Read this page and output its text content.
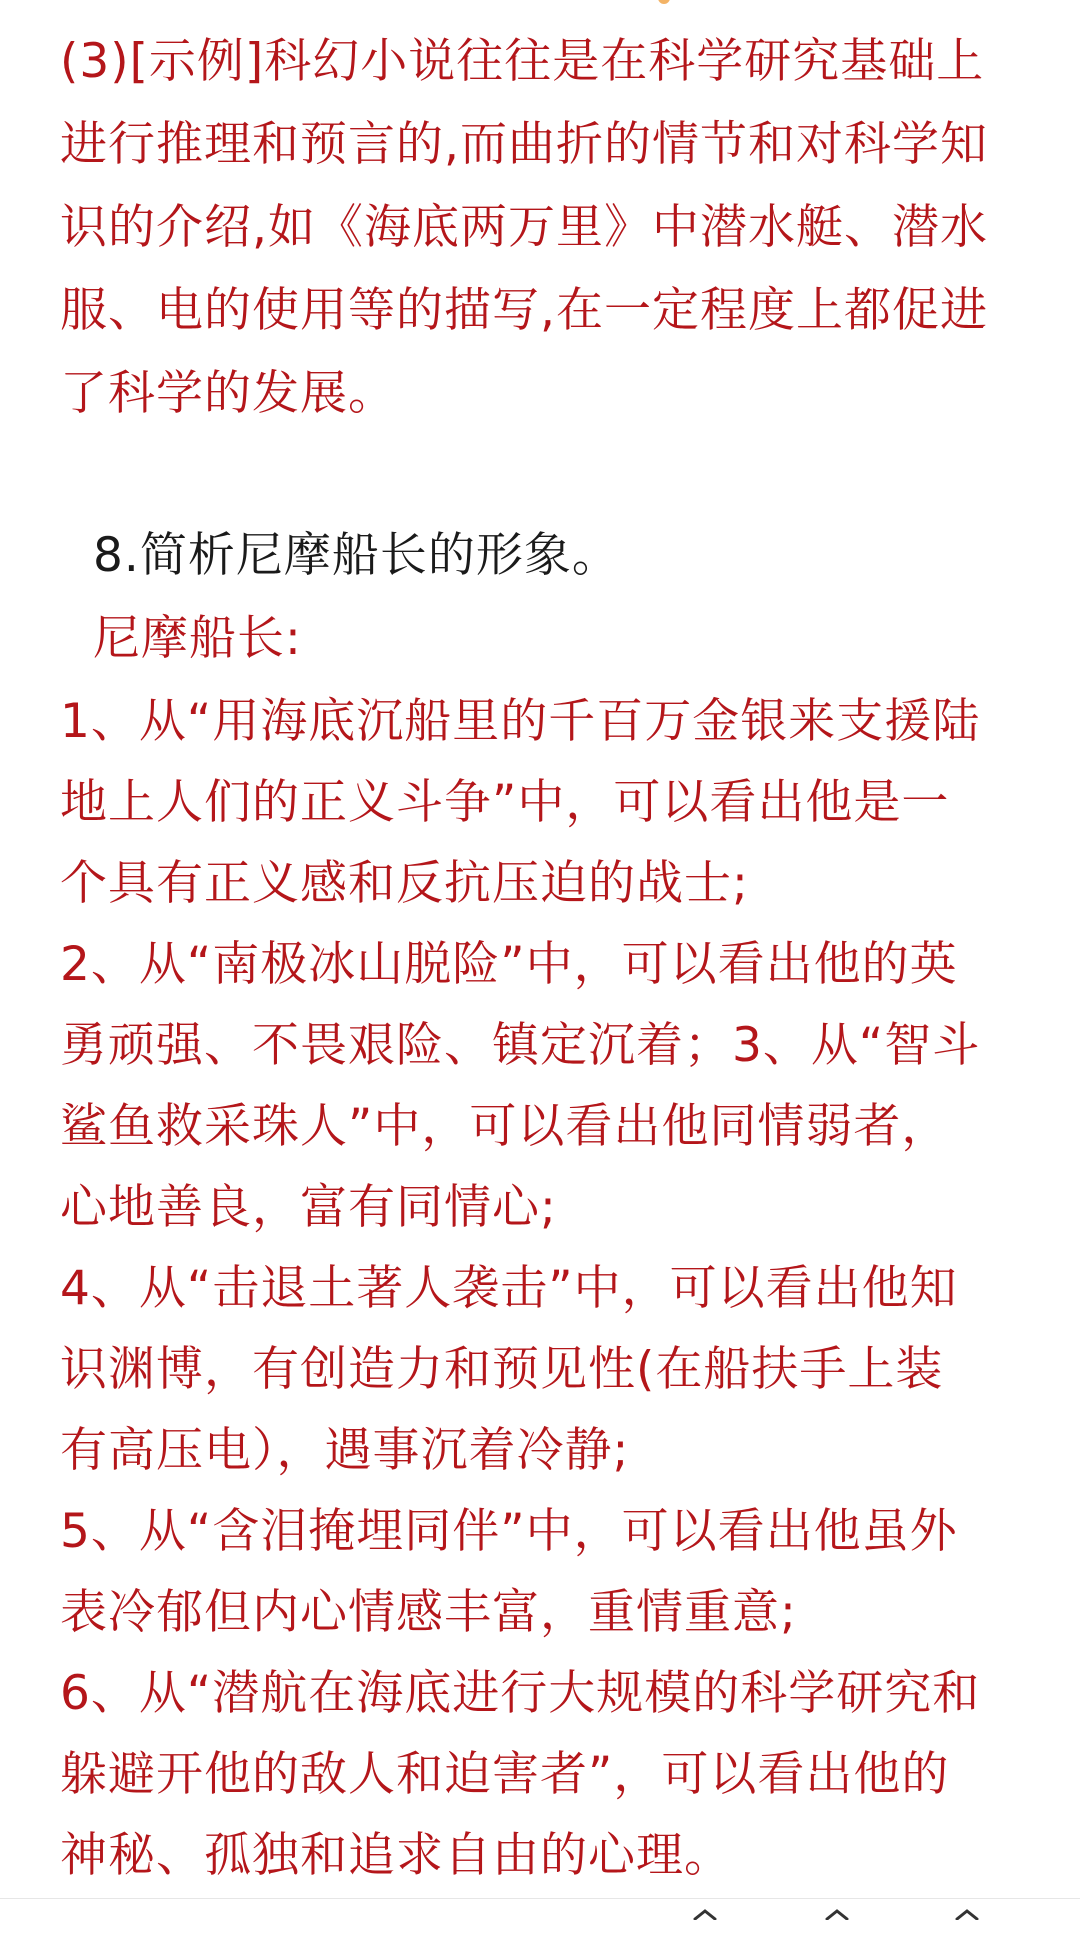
(3)[示例]科幻小说往往是在科学研究基础上
进行推理和预言的,而曲折的情节和对科学知
识的介绍,如《海底两万里》中潜水艇、潜水
服、电的使用等的描写,在一定程度上都促进
了科学的发展。
8.简析尼摩船长的形象。
尼摩船长:
1、从“用海底沉船里的千百万金银来支援陆
地上人们的正义斗争”中，可以看出他是一
个具有正义感和反抗压迫的战士;
2、从“南极冰山脱险”中，可以看出他的英
勇顽强、不畏艰险、镇定沉着；3、从“智斗
鲨鱼救采珠人”中，可以看出他同情弱者，
心地善良，富有同情心;
4、从“击退土著人袭击”中，可以看出他知
识渊博，有创造力和预见性(在船扶手上装
有高压电），遇事沉着冷静;
5、从“含泪掩埋同伴”中，可以看出他虽外
表冷郁但内心情感丰富，重情重意;
6、从“潜航在海底进行大规模的科学研究和
躲避开他的敌人和迫害者”，可以看出他的
神秘、孤独和追求自由的心理。
